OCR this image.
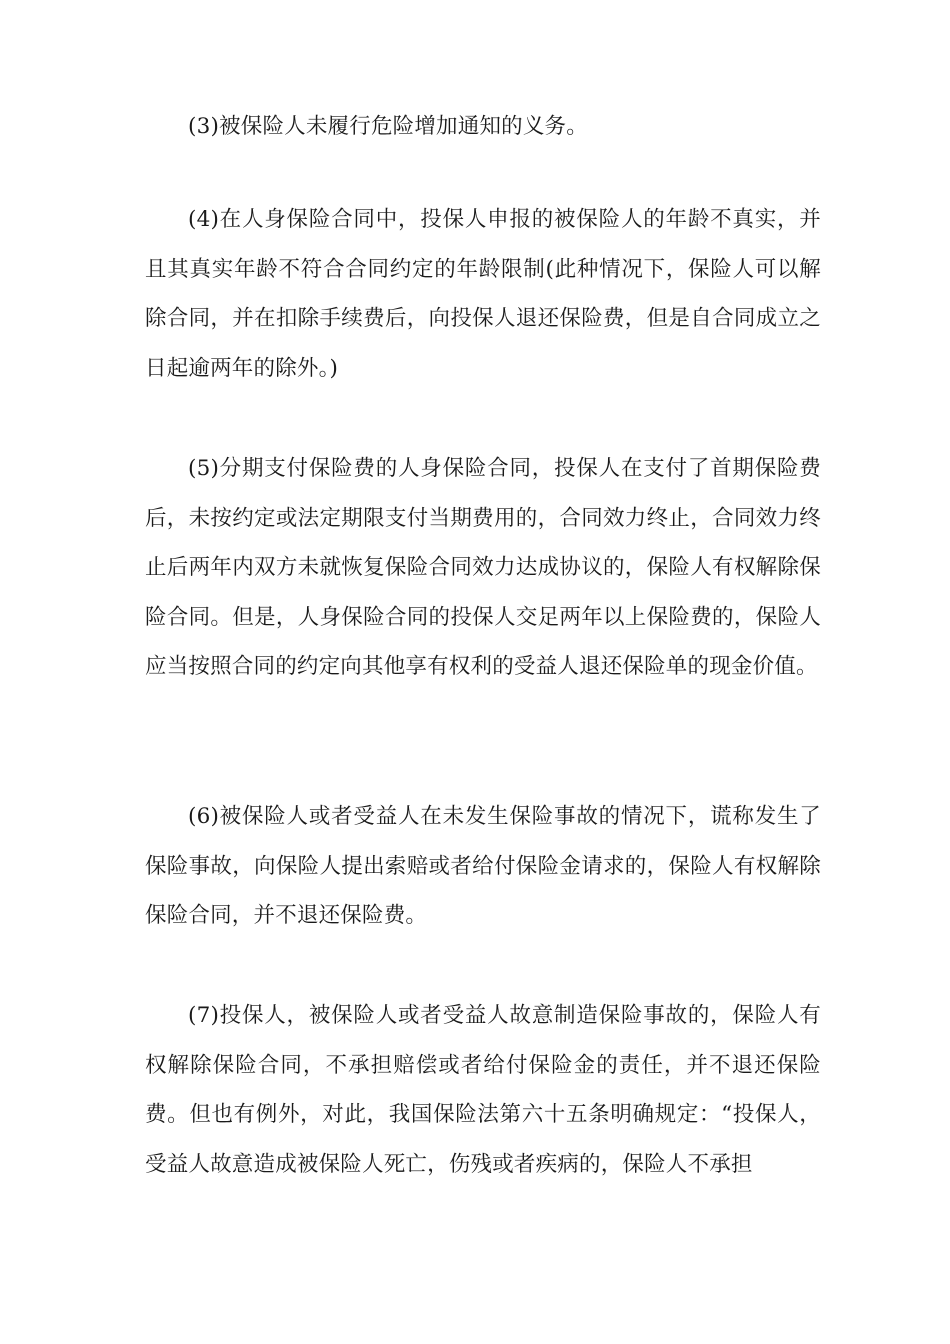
(3)被保险人未履行危险增加通知的义务。

(4)在人身保险合同中，投保人申报的被保险人的年龄不真实，并且其真实年龄不符合合同约定的年龄限制(此种情况下，保险人可以解除合同，并在扣除手续费后，向投保人退还保险费，但是自合同成立之日起逾两年的除外。)

(5)分期支付保险费的人身保险合同，投保人在支付了首期保险费后，未按约定或法定期限支付当期费用的，合同效力终止，合同效力终止后两年内双方未就恢复保险合同效力达成协议的，保险人有权解除保险合同。但是，人身保险合同的投保人交足两年以上保险费的，保险人应当按照合同的约定向其他享有权利的受益人退还保险单的现金价值。

(6)被保险人或者受益人在未发生保险事故的情况下，谎称发生了保险事故，向保险人提出索赔或者给付保险金请求的，保险人有权解除保险合同，并不退还保险费。

(7)投保人，被保险人或者受益人故意制造保险事故的，保险人有权解除保险合同，不承担赔偿或者给付保险金的责任，并不退还保险费。但也有例外，对此，我国保险法第六十五条明确规定：“投保人，受益人故意造成被保险人死亡，伤残或者疾病的，保险人不承担
